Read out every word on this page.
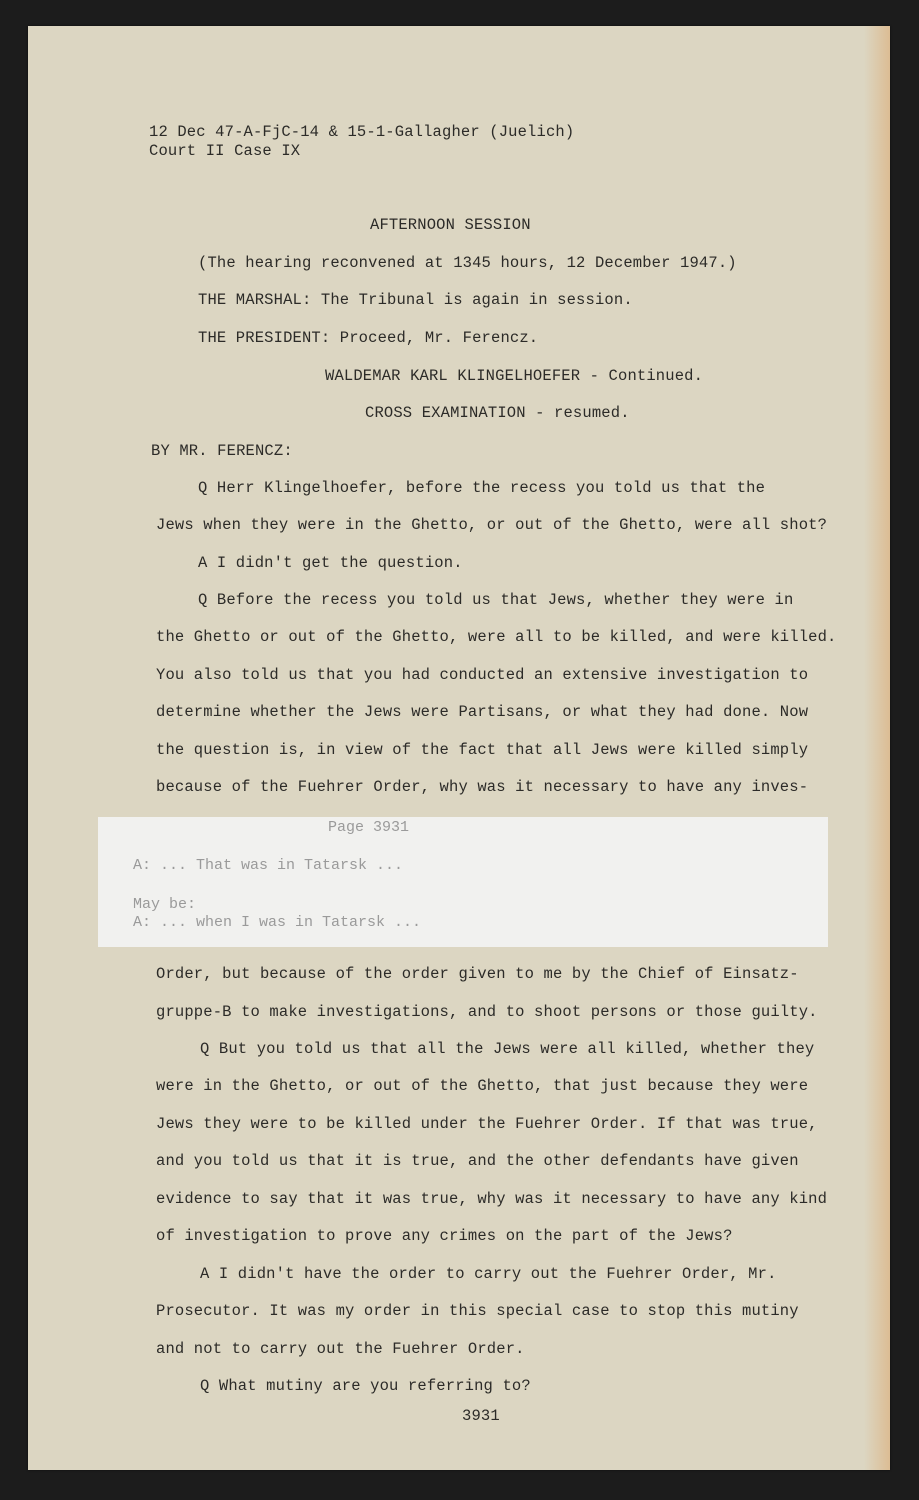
12 Dec 47-A-FjC-14 & 15-1-Gallagher (Juelich)
Court II Case IX
AFTERNOON SESSION
(The hearing reconvened at 1345 hours, 12 December 1947.)
THE MARSHAL: The Tribunal is again in session.
THE PRESIDENT: Proceed, Mr. Ferencz.
WALDEMAR KARL KLINGELHOEFER - Continued.
CROSS EXAMINATION - resumed.
BY MR. FERENCZ:
Q Herr Klingelhoefer, before the recess you told us that the
Jews when they were in the Ghetto, or out of the Ghetto, were all shot?
A I didn't get the question.
Q Before the recess you told us that Jews, whether they were in
the Ghetto or out of the Ghetto, were all to be killed, and were killed.
You also told us that you had conducted an extensive investigation to
determine whether the Jews were Partisans, or what they had done. Now
the question is, in view of the fact that all Jews were killed simply
because of the Fuehrer Order, why was it necessary to have any inves-
Order, but because of the order given to me by the Chief of Einsatz-
gruppe-B to make investigations, and to shoot persons or those guilty.
Q But you told us that all the Jews were all killed, whether they
were in the Ghetto, or out of the Ghetto, that just because they were
Jews they were to be killed under the Fuehrer Order. If that was true,
and you told us that it is true, and the other defendants have given
evidence to say that it was true, why was it necessary to have any kind
of investigation to prove any crimes on the part of the Jews?
A I didn't have the order to carry out the Fuehrer Order, Mr.
Prosecutor. It was my order in this special case to stop this mutiny
and not to carry out the Fuehrer Order.
Q What mutiny are you referring to?
3931
Page 3931
A: ... That was in Tatarsk ...
May be:
A: ... when I was in Tatarsk ...
